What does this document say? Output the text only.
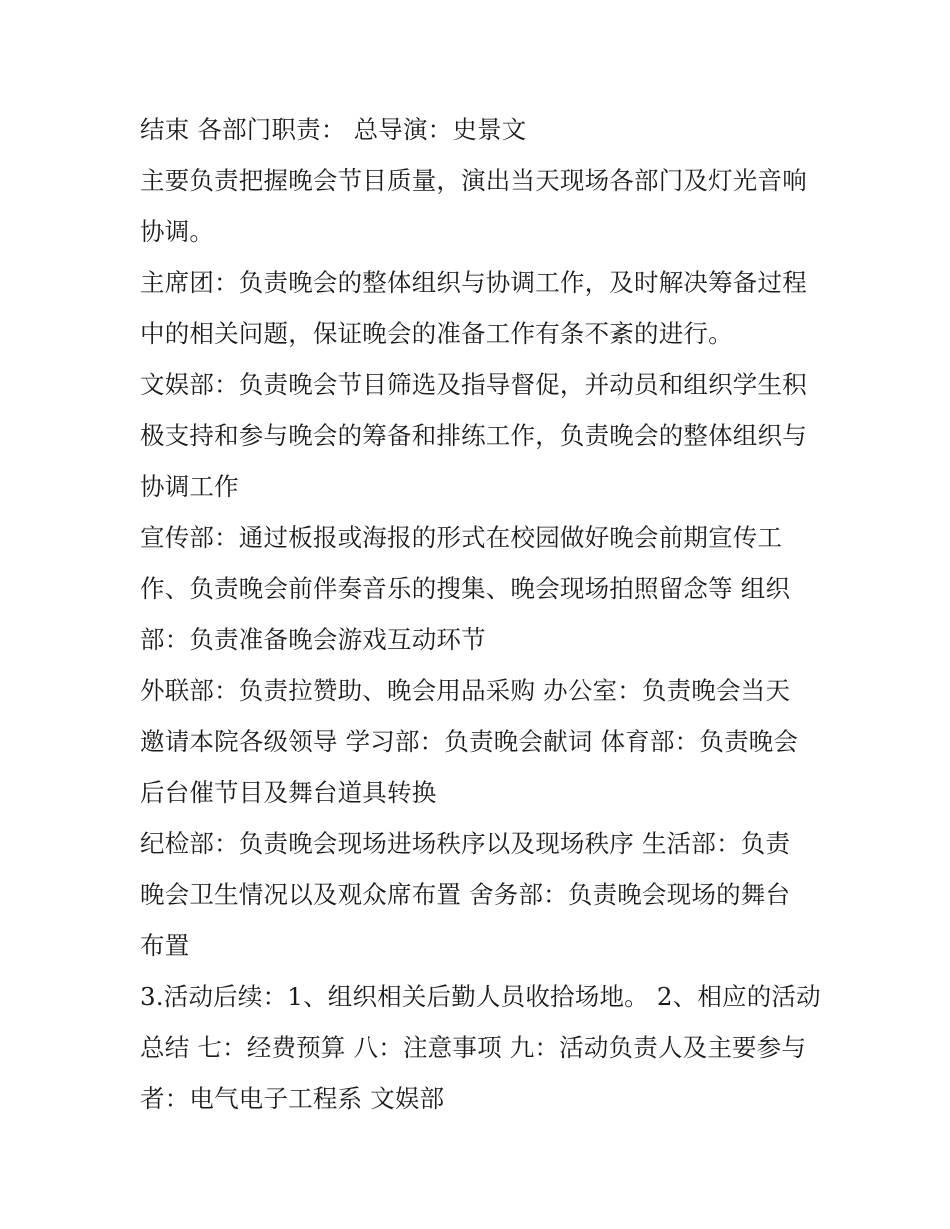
结束 各部门职责： 总导演：史景文
主要负责把握晚会节目质量，演出当天现场各部门及灯光音响
协调。
主席团：负责晚会的整体组织与协调工作，及时解决筹备过程
中的相关问题，保证晚会的准备工作有条不紊的进行。
文娱部：负责晚会节目筛选及指导督促，并动员和组织学生积
极支持和参与晚会的筹备和排练工作，负责晚会的整体组织与
协调工作
宣传部：通过板报或海报的形式在校园做好晚会前期宣传工
作、负责晚会前伴奏音乐的搜集、晚会现场拍照留念等 组织
部：负责准备晚会游戏互动环节
外联部：负责拉赞助、晚会用品采购 办公室：负责晚会当天
邀请本院各级领导 学习部：负责晚会献词 体育部：负责晚会
后台催节目及舞台道具转换
纪检部：负责晚会现场进场秩序以及现场秩序 生活部：负责
晚会卫生情况以及观众席布置 舍务部：负责晚会现场的舞台
布置
3.活动后续：1、组织相关后勤人员收拾场地。 2、相应的活动
总结 七：经费预算 八：注意事项 九：活动负责人及主要参与
者：电气电子工程系 文娱部
